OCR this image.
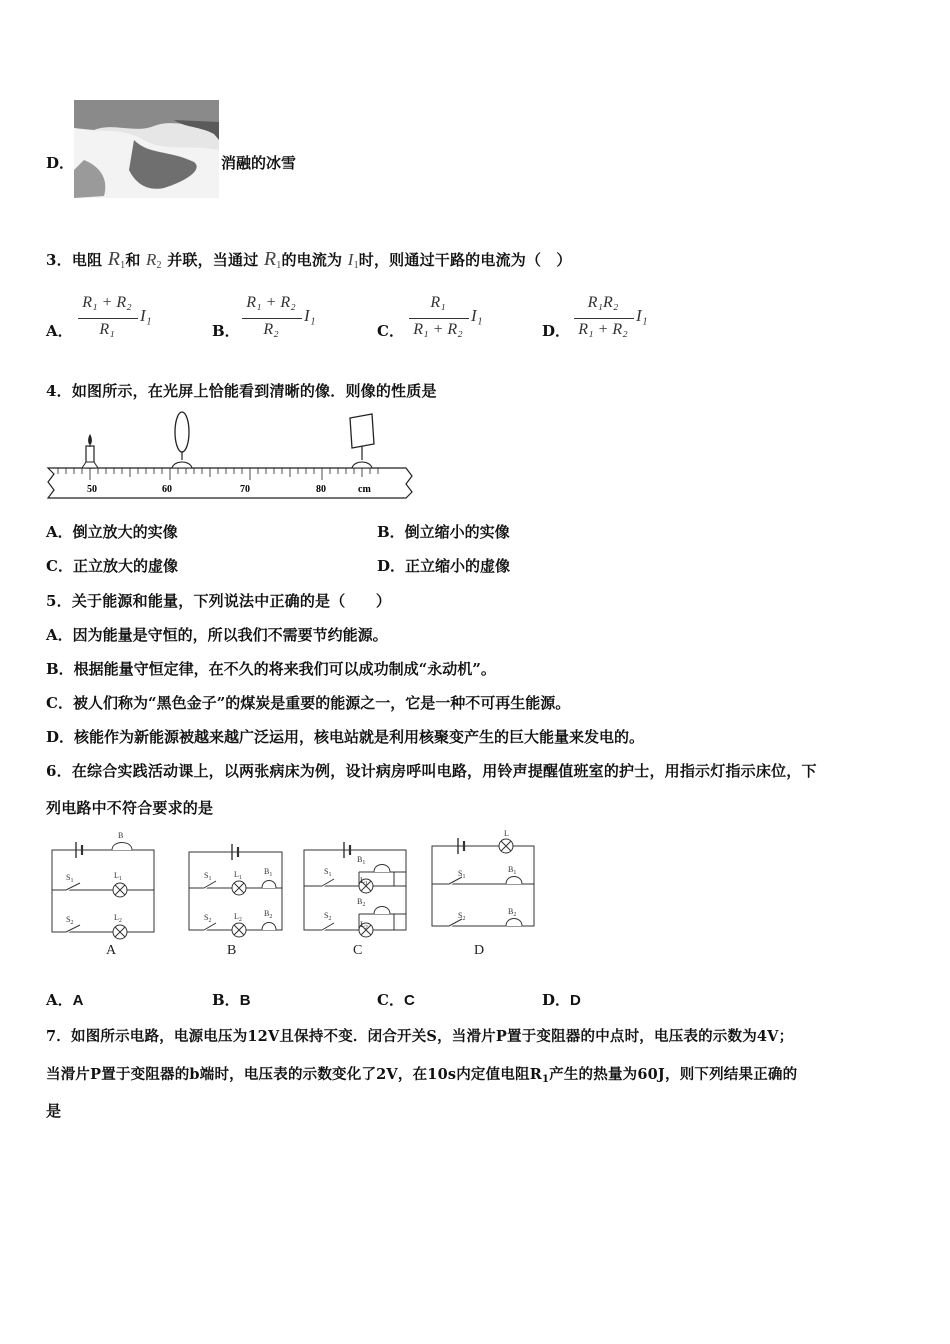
D．	消融的冰雪
3．电阻 $R_1$和 $R_2$ 并联，当通过 $R_1$的电流为 $I_1$时，则通过干路的电流为（　）
A．
R₁ + R₂
R₁
I₁
B．
R₁ + R₂
R₂
I₁
C．
R₁
R₁ + R₂
I₁
D．
R₁R₂
R₁ + R₂
I₁
4．如图所示，在光屏上恰能看到清晰的像．则像的性质是
50	60	70	80	cm
A．倒立放大的实像	B．倒立缩小的实像
C．正立放大的虚像	D．正立缩小的虚像
5．关于能源和能量，下列说法中正确的是（　　）
A．因为能量是守恒的，所以我们不需要节约能源。
B．根据能量守恒定律，在不久的将来我们可以成功制成“永动机”。
C．被人们称为“黑色金子”的煤炭是重要的能源之一，它是一种不可再生能源。
D．核能作为新能源被越来越广泛运用，核电站就是利用核聚变产生的巨大能量来发电的。
6．在综合实践活动课上，以两张病床为例，设计病房呼叫电路，用铃声提醒值班室的护士，用指示灯指示床位，下
列电路中不符合要求的是
B
$S_1$
$L_1$
$S_2$
$L_2$
$S_1$	$L_1$
$B_1$
$S_2$	$L_2$
$B_2$
$S_1$
$B_1$
$L_1$
$S_2$
$B_2$
$L_2$
L
$S_1$
$B_1$
$S_2$
$B_2$
A	B	C	D
A．A	B．B	C．C	D．D
7．如图所示电路，电源电压为12V且保持不变．闭合开关S，当滑片P置于变阻器的中点时，电压表的示数为4V；
当滑片P置于变阻器的b端时，电压表的示数变化了2V，在10s内定值电阻$R_1$产生的热量为60J，则下列结果正确的
是
